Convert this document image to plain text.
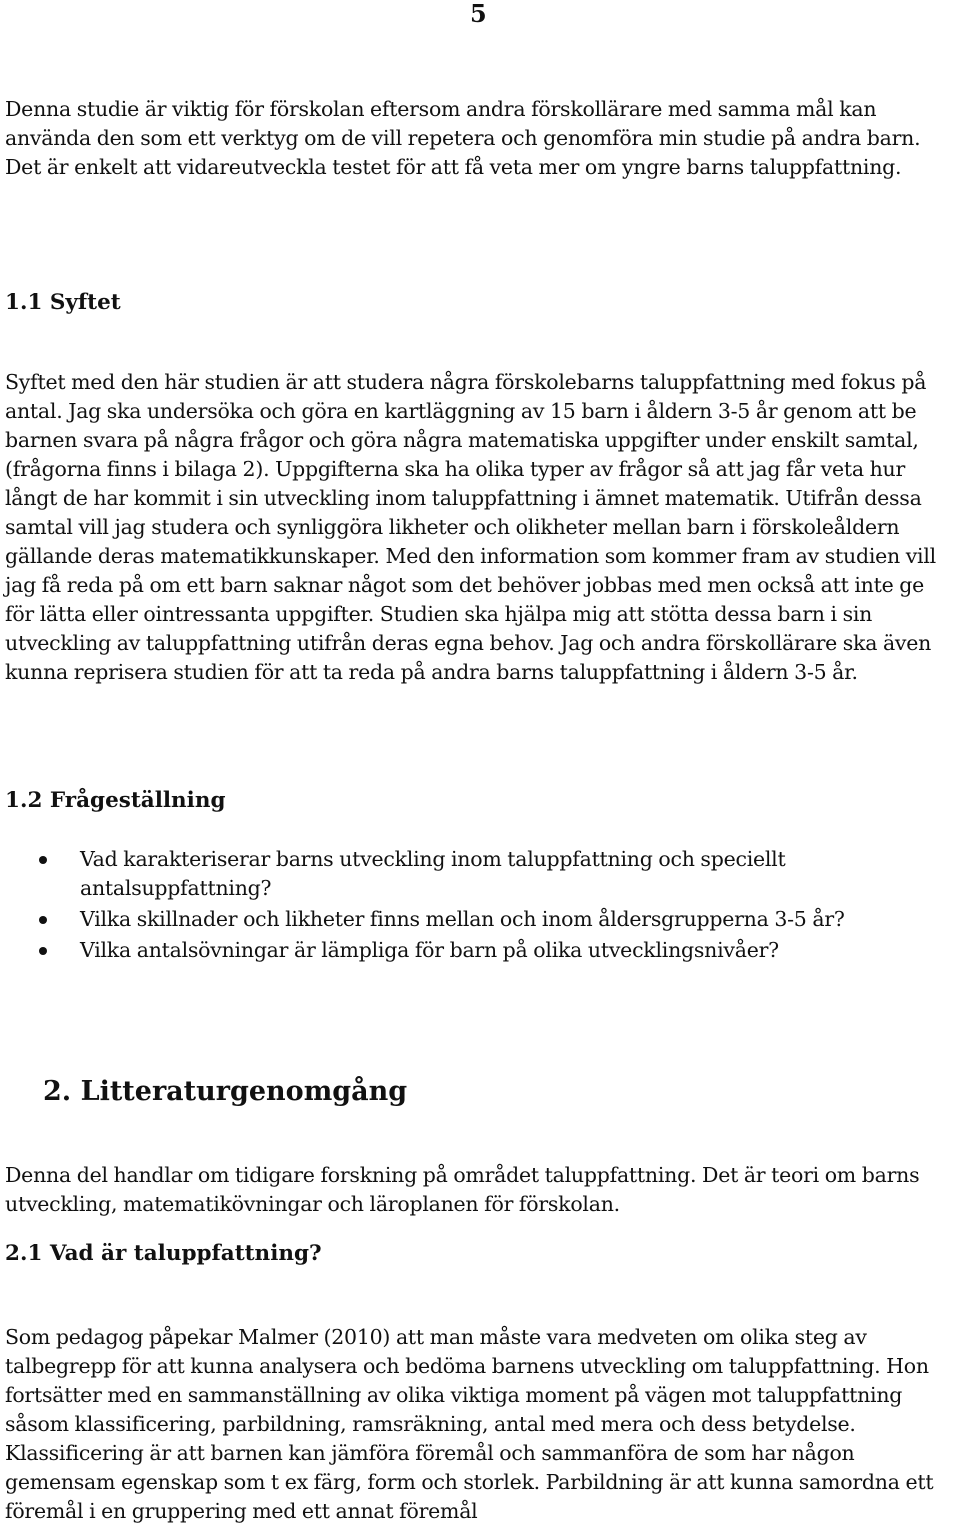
5

Denna studie är viktig för förskolan eftersom andra förskollärare med samma mål kan använda den som ett verktyg om de vill repetera och genomföra min studie på andra barn. Det är enkelt att vidareutveckla testet för att få veta mer om yngre barns taluppfattning.

1.1 Syftet

Syftet med den här studien är att studera några förskolebarns taluppfattning med fokus på antal. Jag ska undersöka och göra en kartläggning av 15 barn i åldern 3-5 år genom att be barnen svara på några frågor och göra några matematiska uppgifter under enskilt samtal, (frågorna finns i bilaga 2). Uppgifterna ska ha olika typer av frågor så att jag får veta hur långt de har kommit i sin utveckling inom taluppfattning i ämnet matematik. Utifrån dessa samtal vill jag studera och synliggöra likheter och olikheter mellan barn i förskoleåldern gällande deras matematikkunskaper. Med den information som kommer fram av studien vill jag få reda på om ett barn saknar något som det behöver jobbas med men också att inte ge för lätta eller ointressanta uppgifter. Studien ska hjälpa mig att stötta dessa barn i sin utveckling av taluppfattning utifrån deras egna behov. Jag och andra förskollärare ska även kunna reprisera studien för att ta reda på andra barns taluppfattning i åldern 3-5 år.

1.2 Frågeställning
Vad karakteriserar barns utveckling inom taluppfattning och speciellt antalsuppfattning?
Vilka skillnader och likheter finns mellan och inom åldersgrupperna 3-5 år?
Vilka antalsövningar är lämpliga för barn på olika utvecklingsnivåer?
2. Litteraturgenomgång

Denna del handlar om tidigare forskning på området taluppfattning. Det är teori om barns utveckling, matematikövningar och läroplanen för förskolan.

2.1 Vad är taluppfattning?

Som pedagog påpekar Malmer (2010) att man måste vara medveten om olika steg av talbegrepp för att kunna analysera och bedöma barnens utveckling om taluppfattning. Hon fortsätter med en sammanställning av olika viktiga moment på vägen mot taluppfattning såsom klassificering, parbildning, ramsräkning, antal med mera och dess betydelse. Klassificering är att barnen kan jämföra föremål och sammanföra de som har någon gemensam egenskap som t ex färg, form och storlek. Parbildning är att kunna samordna ett föremål i en gruppering med ett annat föremål
